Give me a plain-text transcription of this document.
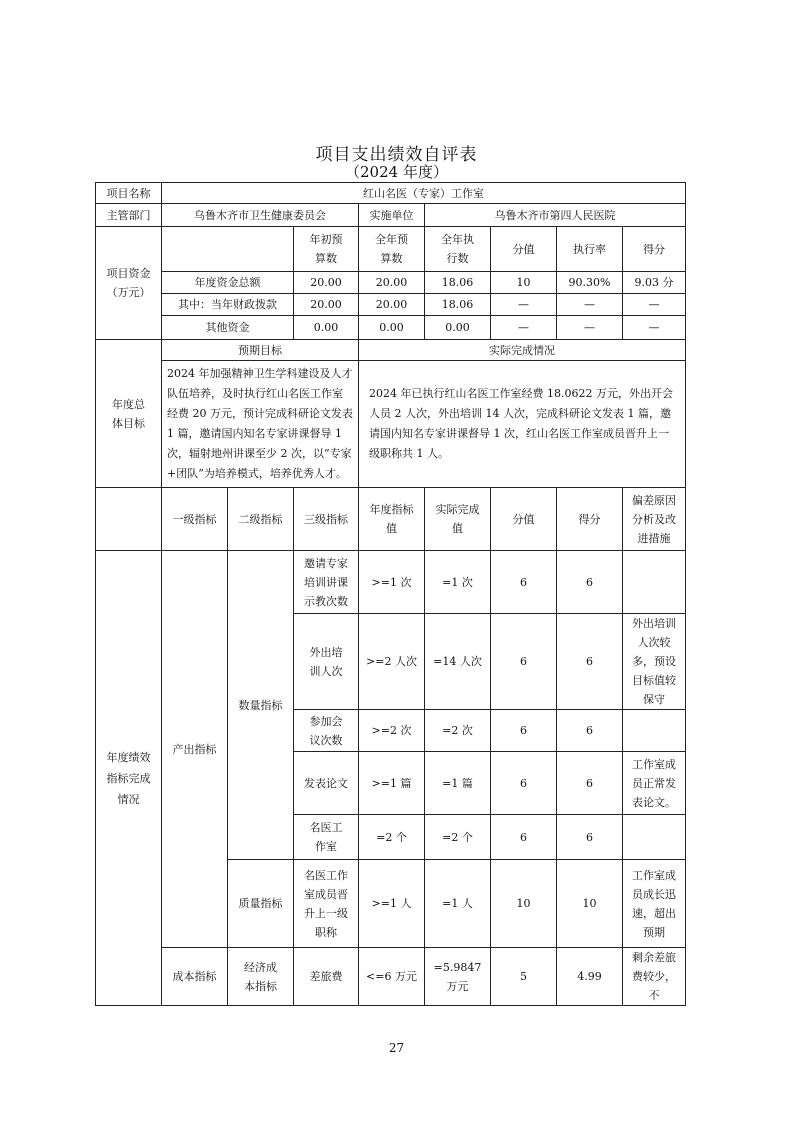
项目支出绩效自评表
（2024 年度）
项目名称	红山名医（专家）工作室							
主管部门	乌鲁木齐市卫生健康委员会			实施单位	乌鲁木齐市第四人民医院			
项目资金（万元）			年初预算数	全年预算数	全年执行数	分值	执行率	得分
	年度资金总额		20.00	20.00	18.06	10	90.30%	9.03 分
	其中：当年财政拨款		20.00	20.00	18.06	—	—	—
	其他资金		0.00	0.00	0.00	—	—	—
年度总体目标	预期目标			实际完成情况				
	2024 年加强精神卫生学科建设及人才队伍培养，及时执行红山名医工作室经费 20 万元，预计完成科研论文发表 1 篇，邀请国内知名专家讲课督导 1 次，辐射地州讲课至少 2 次，以“专家+团队”为培养模式，培养优秀人才。			2024 年已执行红山名医工作室经费 18.0622 万元，外出开会人员 2 人次，外出培训 14 人次，完成科研论文发表 1 篇，邀请国内知名专家讲课督导 1 次，红山名医工作室成员晋升上一级职称共 1 人。				
	一级指标	二级指标	三级指标	年度指标值	实际完成值	分值	得分	偏差原因分析及改进措施
年度绩效指标完成情况	产出指标	数量指标	邀请专家培训讲课示教次数	>=1 次	=1 次	6	6	
			外出培训人次	>=2 人次	=14 人次	6	6	外出培训人次较多，预设目标值较保守
			参加会议次数	>=2 次	=2 次	6	6	
			发表论文	>=1 篇	=1 篇	6	6	工作室成员正常发表论文。
			名医工作室	=2 个	=2 个	6	6	
		质量指标	名医工作室成员晋升上一级职称	>=1 人	=1 人	10	10	工作室成员成长迅速，超出预期
	成本指标	经济成本指标	差旅费	<=6 万元	=5.9847 万元	5	4.99	剩余差旅费较少，不
27
